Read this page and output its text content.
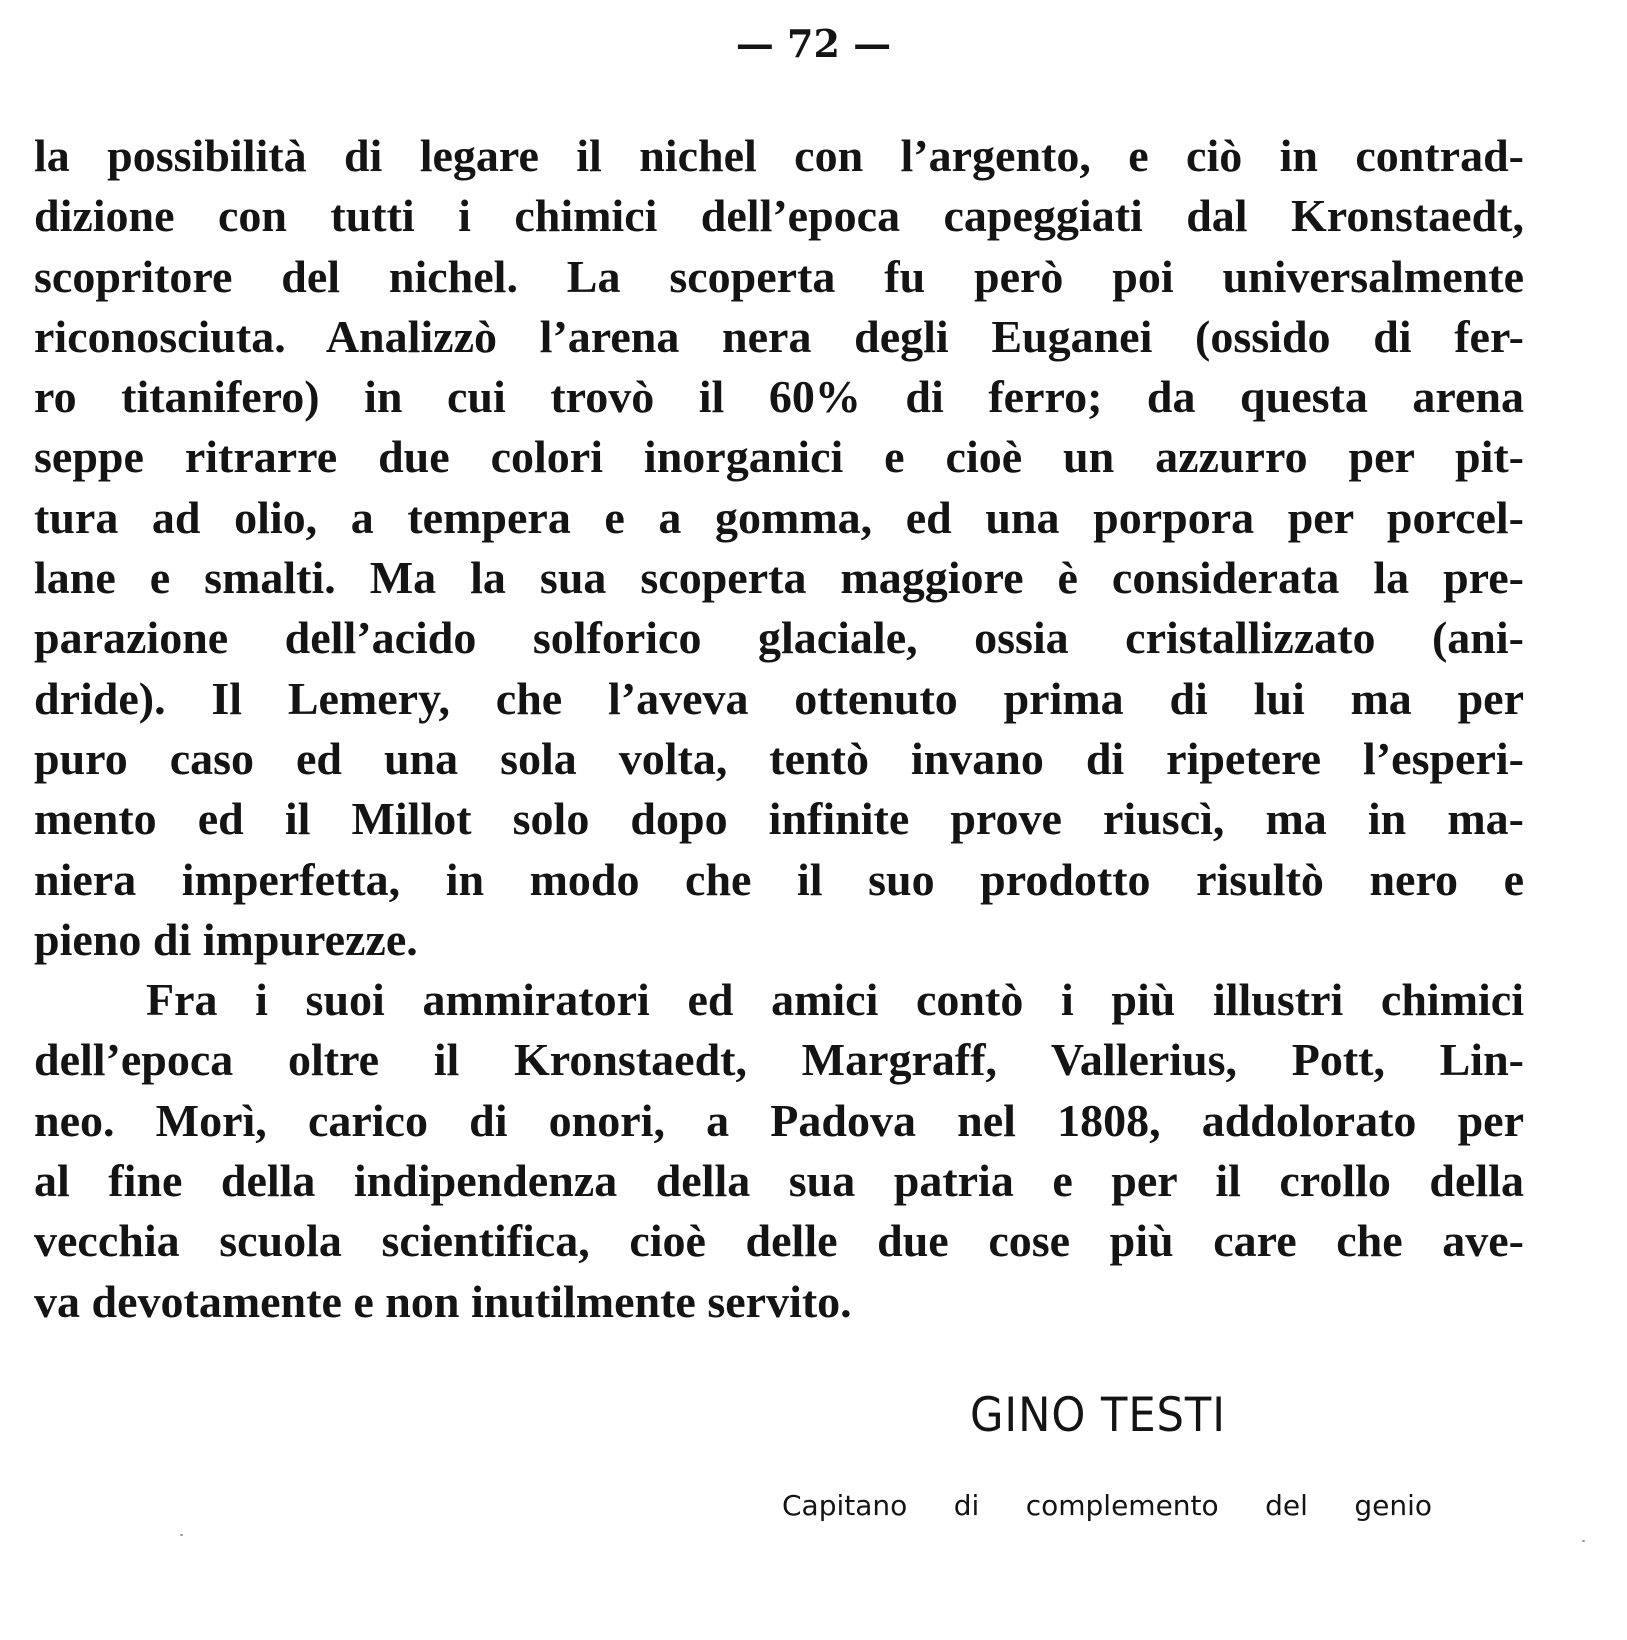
— 72 —
la possibilità di legare il nichel con l’argento, e ciò in contrad-
dizione con tutti i chimici dell’epoca capeggiati dal Kronstaedt,
scopritore del nichel. La scoperta fu però poi universalmente
riconosciuta. Analizzò l’arena nera degli Euganei (ossido di fer-
ro titanifero) in cui trovò il 60% di ferro; da questa arena
seppe ritrarre due colori inorganici e cioè un azzurro per pit-
tura ad olio, a tempera e a gomma, ed una porpora per porcel-
lane e smalti. Ma la sua scoperta maggiore è considerata la pre-
parazione dell’acido solforico glaciale, ossia cristallizzato (ani-
dride). Il Lemery, che l’aveva ottenuto prima di lui ma per
puro caso ed una sola volta, tentò invano di ripetere l’esperi-
mento ed il Millot solo dopo infinite prove riuscì, ma in ma-
niera imperfetta, in modo che il suo prodotto risultò nero e
pieno di impurezze.
Fra i suoi ammiratori ed amici contò i più illustri chimici
dell’epoca oltre il Kronstaedt, Margraff, Vallerius, Pott, Lin-
neo. Morì, carico di onori, a Padova nel 1808, addolorato per
al fine della indipendenza della sua patria e per il crollo della
vecchia scuola scientifica, cioè delle due cose più care che ave-
va devotamente e non inutilmente servito.
GINO TESTI
Capitano di complemento del genio
